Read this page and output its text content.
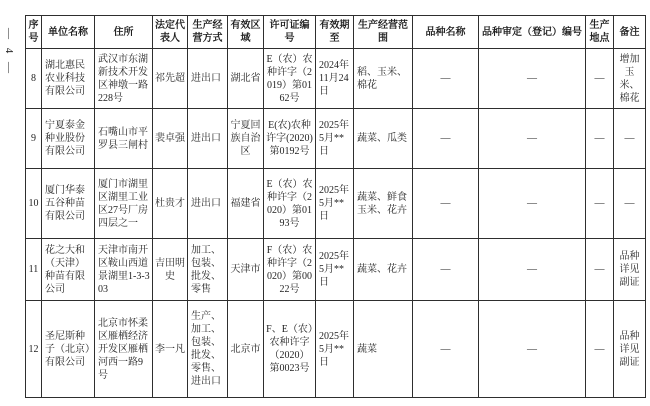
— 4 —
序号	单位名称	住所	法定代表人	生产经营方式	有效区域	许可证编号	有效期至	生产经营范围	品种名称	品种审定（登记）编号	生产地点	备注
8	湖北惠民农业科技有限公司	武汉市东湖新技术开发区神墩一路228号	祁先超	进出口	湖北省	E（农）农种许字（2019）第0162号	2024年11月24日	稻、玉米、棉花	—	—	—	增加玉米、棉花
9	宁夏泰金种业股份有限公司	石嘴山市平罗县三闸村	裴卓强	进出口	宁夏回族自治区	E(农)农种许字(2020)第0192号	2025年5月**日	蔬菜、瓜类	—	—	—	—
10	厦门华泰五谷种苗有限公司	厦门市湖里区湖里工业区27号厂房四层之一	杜贵才	进出口	福建省	E（农）农种许字（2020）第0193号	2025年5月**日	蔬菜、鲜食玉米、花卉	—	—	—	—
11	花之大和（天津）种苗有限公司	天津市南开区鞍山西道景湖里1-3-303	吉田明史	加工、包装、批发、零售	天津市	F（农）农种许字（2020）第0022号	2025年5月**日	蔬菜、花卉	—	—	—	品种详见副证
12	圣尼斯种子（北京）有限公司	北京市怀柔区雁栖经济开发区雁栖河西一路9号	李一凡	生产、加工、包装、批发、零售、进出口	北京市	F、E（农）农种许字（2020）第0023号	2025年5月**日	蔬菜	—	—	—	品种详见副证
